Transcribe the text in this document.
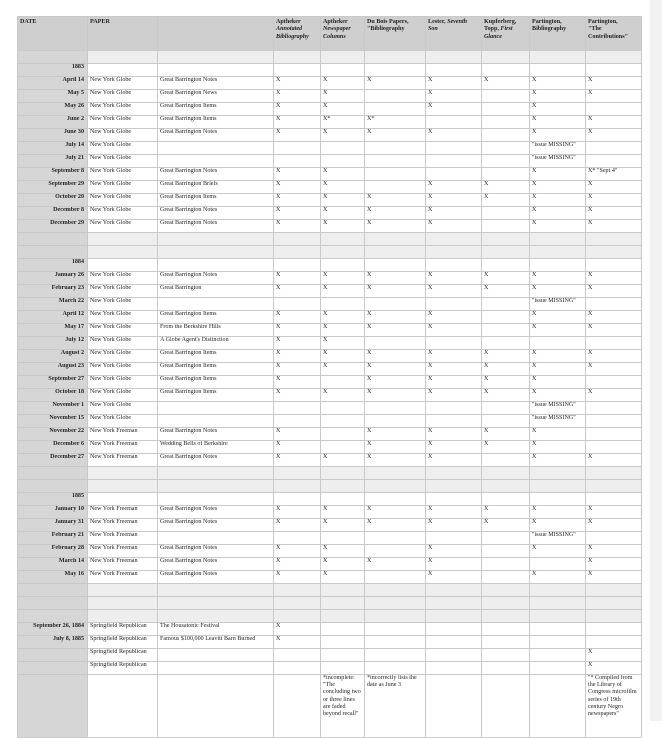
DATE	PAPER		Aptheker
Annotated
Bibliography	Aptheker
Newspaper
Columns	Du Bois Papers,
"Bibliography	Lester, Seventh
Son	Kupferberg,
Topp, First
Glance	Partington,
Bibliography	Partington,
"The
Contributions"

1883									
April 14	New York Globe	Great Barrington Notes	X	X	X	X	X	X	X
May 5	New York Globe	Great Barrington News	X	X		X		X	X
May 26	New York Globe	Great Barrington Items	X	X		X		X	
June 2	New York Globe	Great Barrington Items	X	X*	X*			X	X
June 30	New York Globe	Great Barrington Notes	X	X	X	X		X	X
July 14	New York Globe							"issue MISSING"	
July 21	New York Globe							"issue MISSING"	
September 8	New York Globe	Great Barrington Notes	X	X				X	X* "Sept 4"
September 29	New York Globe	Great Barrington Briefs	X	X		X	X	X	X
October 20	New York Globe	Great Barrington Items	X	X	X	X	X	X	X
December 8	New York Globe	Great Barrington Notes	X	X	X	X		X	X
December 29	New York Globe	Great Barrington Notes	X	X	X	X		X	X

1884									
January 26	New York Globe	Great Barrington Notes	X	X	X	X	X	X	X
February 23	New York Globe	Great Barrington	X	X	X	X	X	X	X
March 22	New York Globe							"issue MISSING"	
April 12	New York Globe	Great Barrington Items	X	X	X	X		X	X
May 17	New York Globe	From the Berkshire Hills	X	X	X	X		X	X
July 12	New York Globe	A Globe Agent's Distinction	X	X					
August 2	New York Globe	Great Barrington Items	X	X	X	X	X	X	X
August 23	New York Globe	Great Barrington Items	X	X	X	X	X	X	X
September 27	New York Globe	Great Barrington Items	X		X	X	X	X	
October 18	New York Globe	Great Barrington Items	X	X	X	X	X	X	X
November 1	New York Globe							"issue MISSING"	
November 15	New York Globe							"issue MISSING"	
November 22	New York Freeman	Great Barrington Notes	X		X	X	X	X	
December 6	New York Freeman	Wedding Bells of Berkshire	X		X	X	X	X	
December 27	New York Freeman	Great Barrington Notes	X	X	X	X		X	X

1885									
January 10	New York Freeman	Great Barrington Notes	X	X	X	X	X	X	X
January 31	New York Freeman	Great Barrington Notes	X	X	X	X	X	X	X
February 21	New York Freeman							"issue MISSING"	
February 28	New York Freeman	Great Barrington Notes	X	X		X		X	X
March 14	New York Freeman	Great Barrington Notes	X	X	X	X			X
May 16	New York Freeman	Great Barrington Notes	X	X		X		X	X

September 26, 1884	Springfield Republican	The Housatonic Festival	X						
July 8, 1885	Springfield Republican	Famous $100,000 Leavitt Barn Burned	X						
	Springfield Republican								X
	Springfield Republican								X
				*incomplete: "The concluding two or three lines are faded beyond recall"	*incorrectly lists the date as June 3				"* Compiled from the Library of Congress microfilm series of 19th century Negro newspapers"
